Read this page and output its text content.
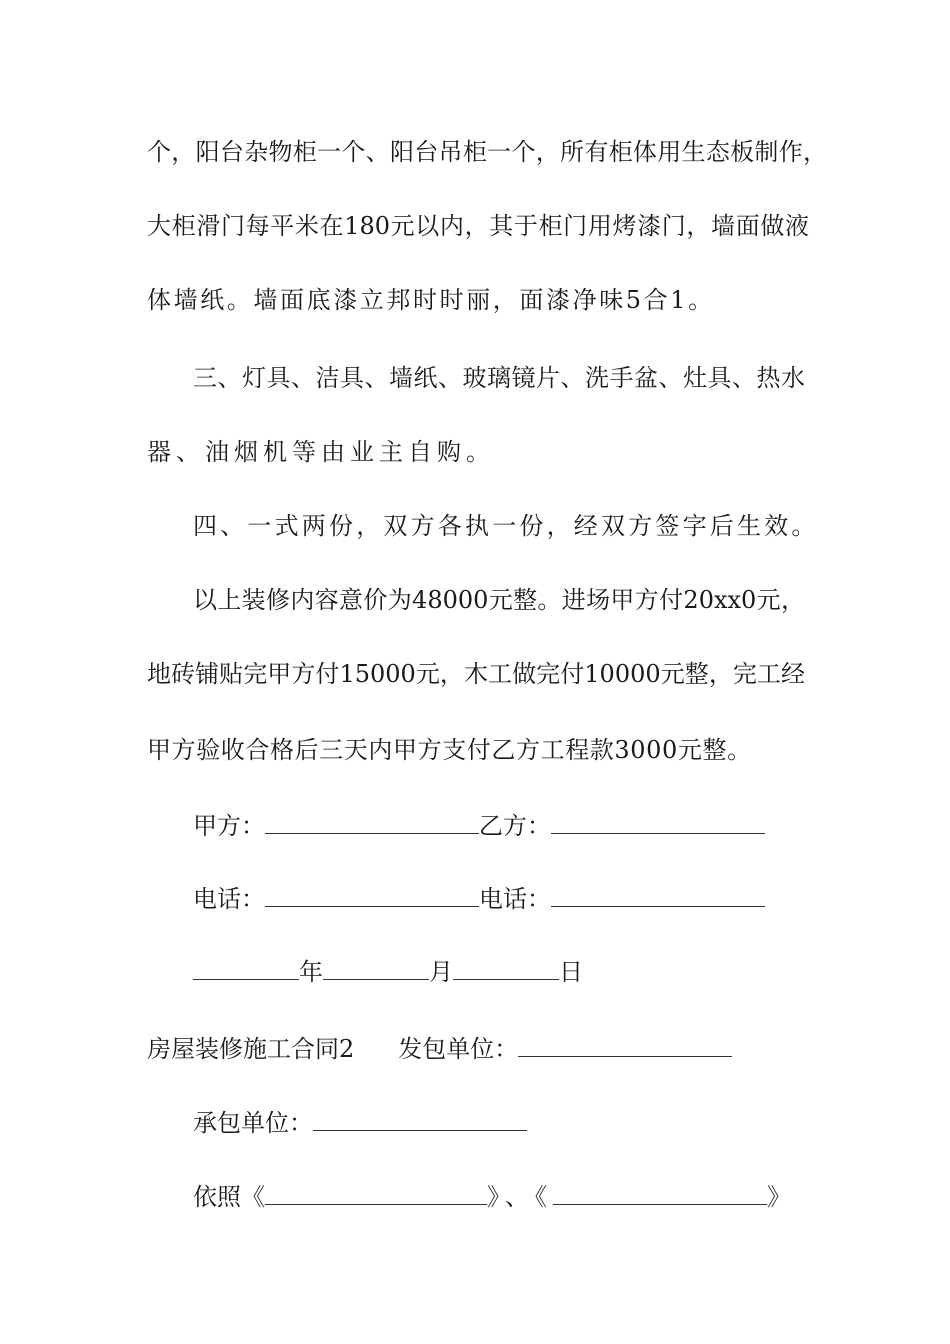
个，阳台杂物柜一个、阳台吊柜一个，所有柜体用生态板制作，
大柜滑门每平米在180元以内，其于柜门用烤漆门，墙面做液
体墙纸。墙面底漆立邦时时丽，面漆净味5合1。
三、灯具、洁具、墙纸、玻璃镜片、洗手盆、灶具、热水
器、油烟机等由业主自购。
四、一式两份，双方各执一份，经双方签字后生效。
以上装修内容意价为48000元整。进场甲方付20xx0元，
地砖铺贴完甲方付15000元，木工做完付10000元整，完工经
甲方验收合格后三天内甲方支付乙方工程款3000元整。
甲方：	乙方：
电话：	电话：
年	月	日
房屋装修施工合同2 发包单位：
承包单位：
依照《	》、《	》
